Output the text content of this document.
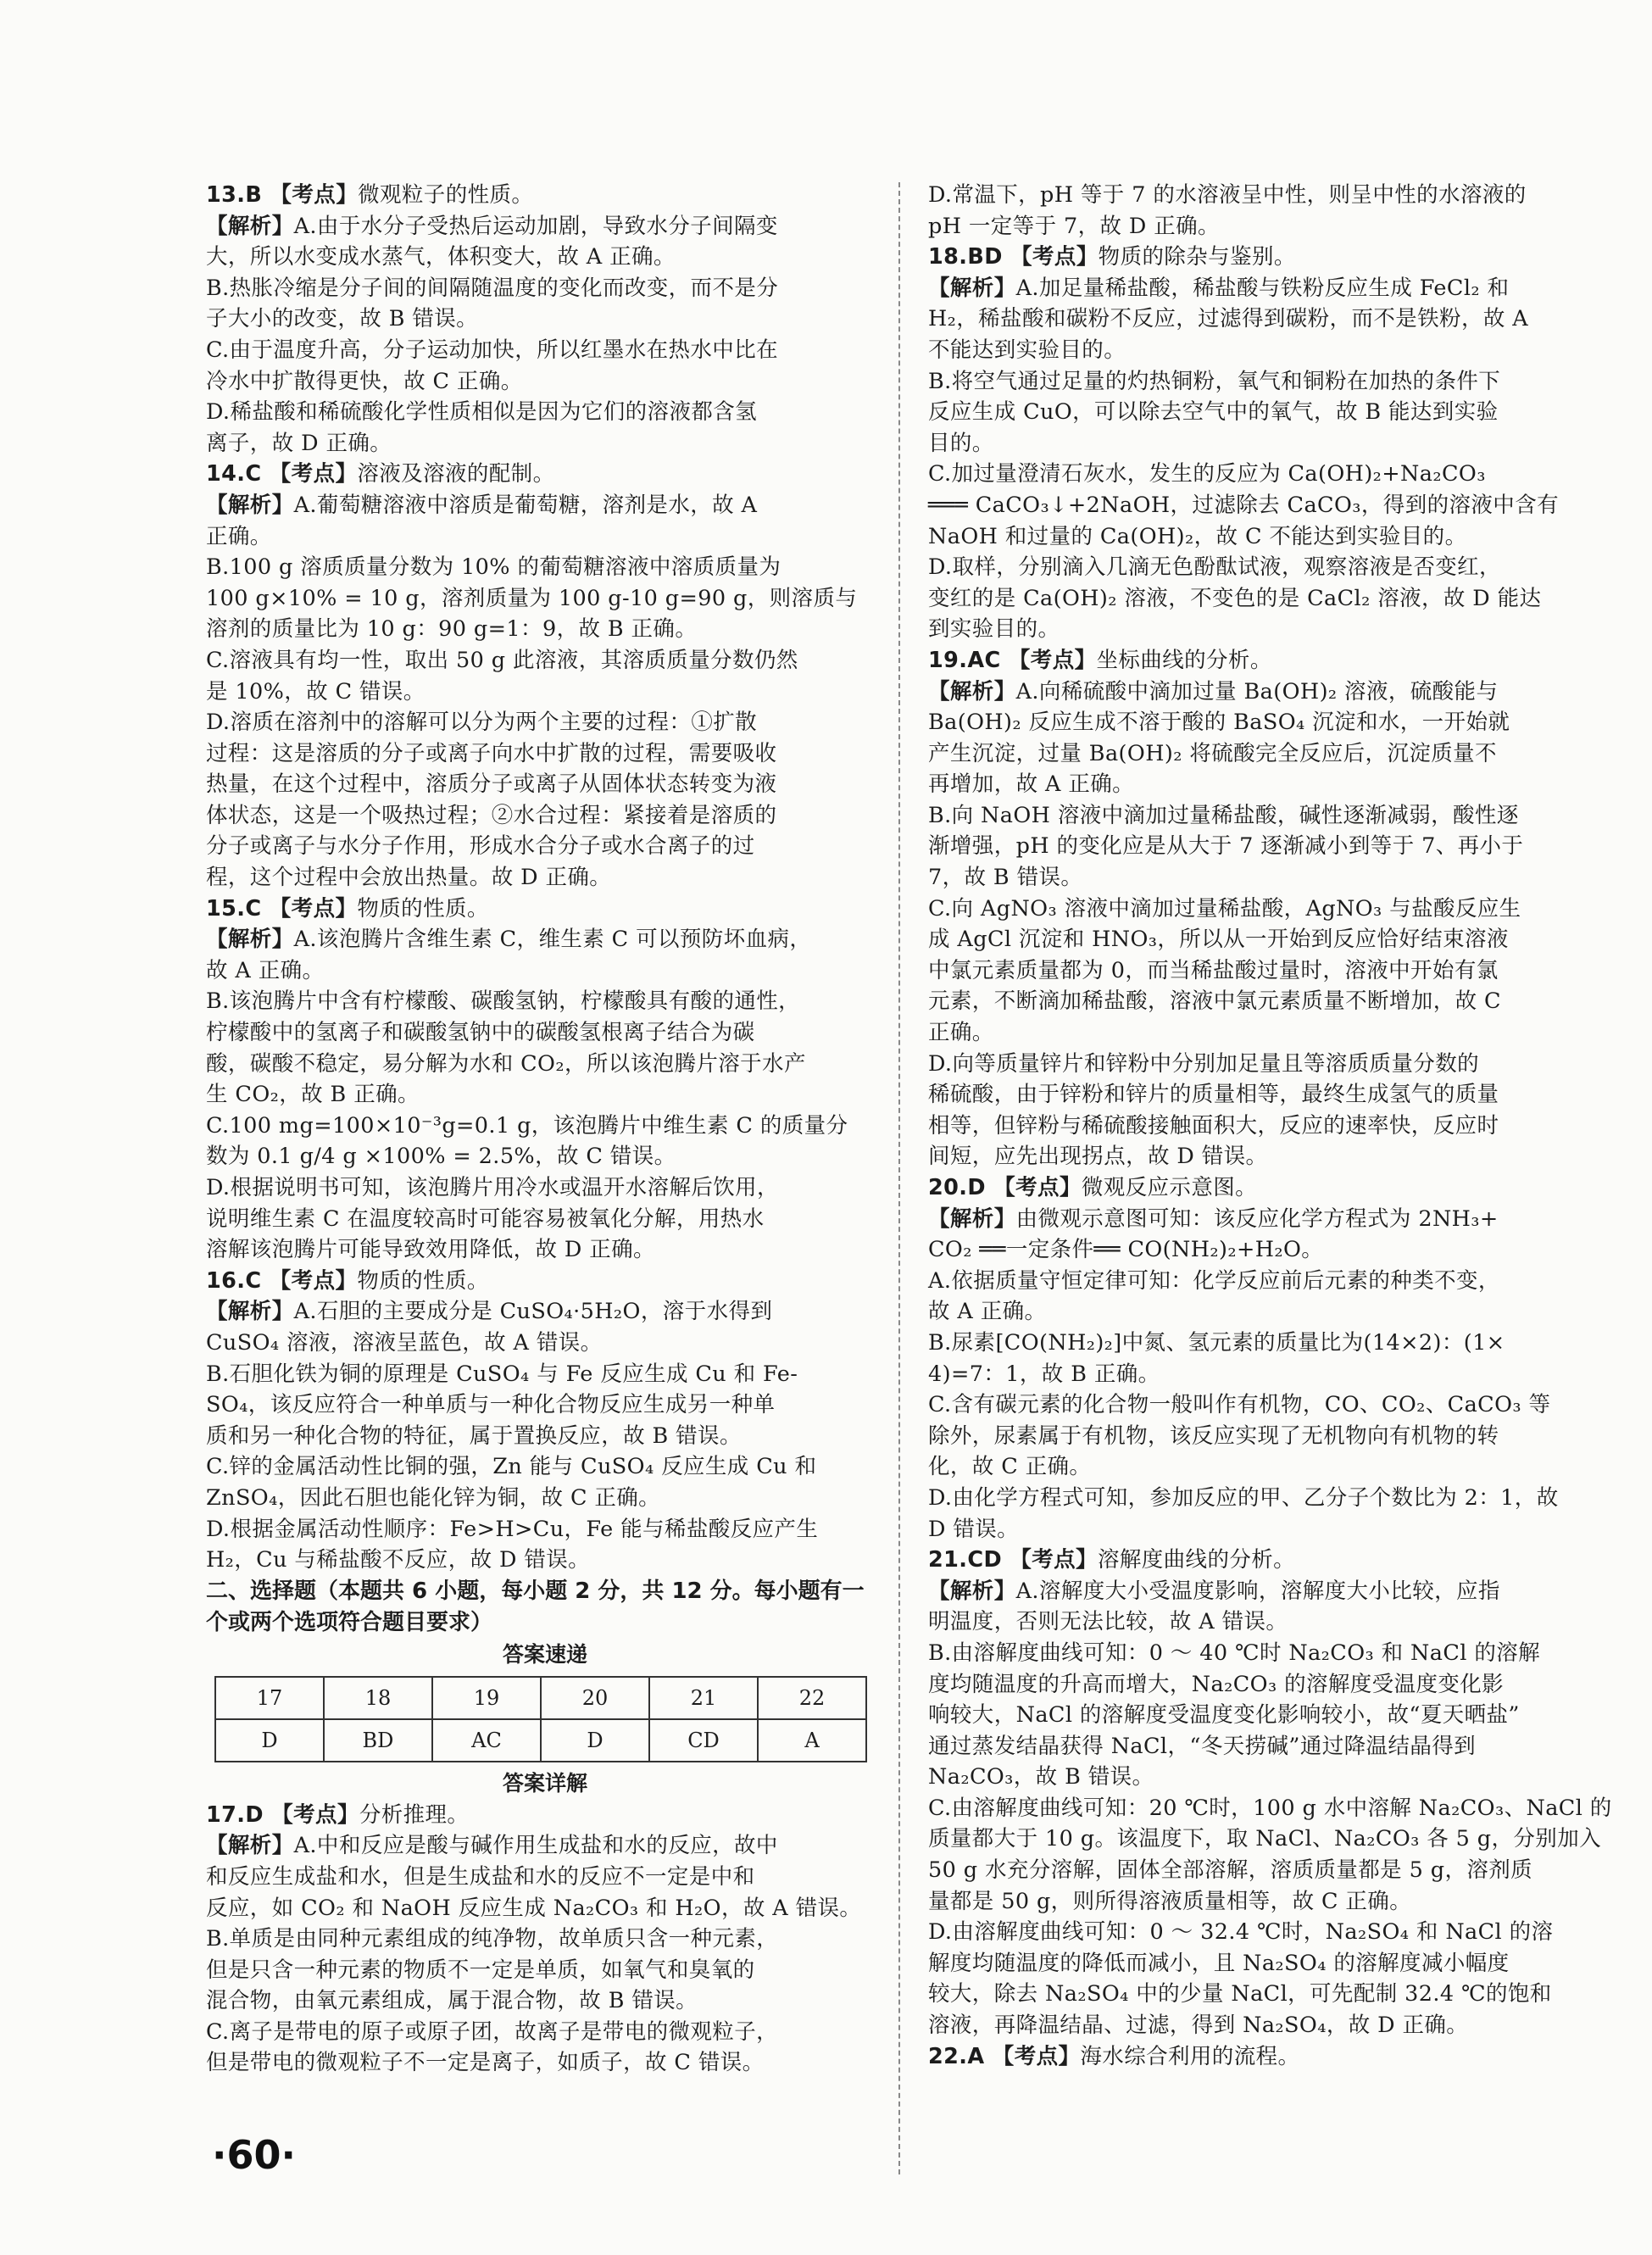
13.B 【考点】微观粒子的性质。
【解析】A.由于水分子受热后运动加剧，导致水分子间隔变
大，所以水变成水蒸气，体积变大，故 A 正确。
B.热胀冷缩是分子间的间隔随温度的变化而改变，而不是分
子大小的改变，故 B 错误。
C.由于温度升高，分子运动加快，所以红墨水在热水中比在
冷水中扩散得更快，故 C 正确。
D.稀盐酸和稀硫酸化学性质相似是因为它们的溶液都含氢
离子，故 D 正确。
14.C 【考点】溶液及溶液的配制。
【解析】A.葡萄糖溶液中溶质是葡萄糖，溶剂是水，故 A
正确。
B.100 g 溶质质量分数为 10% 的葡萄糖溶液中溶质质量为
100 g×10% = 10 g，溶剂质量为 100 g-10 g=90 g，则溶质与
溶剂的质量比为 10 g：90 g=1：9，故 B 正确。
C.溶液具有均一性，取出 50 g 此溶液，其溶质质量分数仍然
是 10%，故 C 错误。
D.溶质在溶剂中的溶解可以分为两个主要的过程：①扩散
过程：这是溶质的分子或离子向水中扩散的过程，需要吸收
热量，在这个过程中，溶质分子或离子从固体状态转变为液
体状态，这是一个吸热过程；②水合过程：紧接着是溶质的
分子或离子与水分子作用，形成水合分子或水合离子的过
程，这个过程中会放出热量。故 D 正确。
15.C 【考点】物质的性质。
【解析】A.该泡腾片含维生素 C，维生素 C 可以预防坏血病，
故 A 正确。
B.该泡腾片中含有柠檬酸、碳酸氢钠，柠檬酸具有酸的通性，
柠檬酸中的氢离子和碳酸氢钠中的碳酸氢根离子结合为碳
酸，碳酸不稳定，易分解为水和 CO₂，所以该泡腾片溶于水产
生 CO₂，故 B 正确。
C.100 mg=100×10⁻³g=0.1 g，该泡腾片中维生素 C 的质量分
数为 0.1 g/4 g ×100% = 2.5%，故 C 错误。
D.根据说明书可知，该泡腾片用冷水或温开水溶解后饮用，
说明维生素 C 在温度较高时可能容易被氧化分解，用热水
溶解该泡腾片可能导致效用降低，故 D 正确。
16.C 【考点】物质的性质。
【解析】A.石胆的主要成分是 CuSO₄·5H₂O，溶于水得到
CuSO₄ 溶液，溶液呈蓝色，故 A 错误。
B.石胆化铁为铜的原理是 CuSO₄ 与 Fe 反应生成 Cu 和 Fe-
SO₄，该反应符合一种单质与一种化合物反应生成另一种单
质和另一种化合物的特征，属于置换反应，故 B 错误。
C.锌的金属活动性比铜的强，Zn 能与 CuSO₄ 反应生成 Cu 和
ZnSO₄，因此石胆也能化锌为铜，故 C 正确。
D.根据金属活动性顺序：Fe>H>Cu，Fe 能与稀盐酸反应产生
H₂，Cu 与稀盐酸不反应，故 D 错误。
二、选择题（本题共 6 小题，每小题 2 分，共 12 分。每小题有一
个或两个选项符合题目要求）
答案速递
17	18	19	20	21	22
D	BD	AC	D	CD	A
答案详解
17.D 【考点】分析推理。
【解析】A.中和反应是酸与碱作用生成盐和水的反应，故中
和反应生成盐和水，但是生成盐和水的反应不一定是中和
反应，如 CO₂ 和 NaOH 反应生成 Na₂CO₃ 和 H₂O，故 A 错误。
B.单质是由同种元素组成的纯净物，故单质只含一种元素，
但是只含一种元素的物质不一定是单质，如氧气和臭氧的
混合物，由氧元素组成，属于混合物，故 B 错误。
C.离子是带电的原子或原子团，故离子是带电的微观粒子，
但是带电的微观粒子不一定是离子，如质子，故 C 错误。
D.常温下，pH 等于 7 的水溶液呈中性，则呈中性的水溶液的
pH 一定等于 7，故 D 正确。
18.BD 【考点】物质的除杂与鉴别。
【解析】A.加足量稀盐酸，稀盐酸与铁粉反应生成 FeCl₂ 和
H₂，稀盐酸和碳粉不反应，过滤得到碳粉，而不是铁粉，故 A
不能达到实验目的。
B.将空气通过足量的灼热铜粉，氧气和铜粉在加热的条件下
反应生成 CuO，可以除去空气中的氧气，故 B 能达到实验
目的。
C.加过量澄清石灰水，发生的反应为 Ca(OH)₂+Na₂CO₃
═══ CaCO₃↓+2NaOH，过滤除去 CaCO₃，得到的溶液中含有
NaOH 和过量的 Ca(OH)₂，故 C 不能达到实验目的。
D.取样，分别滴入几滴无色酚酞试液，观察溶液是否变红，
变红的是 Ca(OH)₂ 溶液，不变色的是 CaCl₂ 溶液，故 D 能达
到实验目的。
19.AC 【考点】坐标曲线的分析。
【解析】A.向稀硫酸中滴加过量 Ba(OH)₂ 溶液，硫酸能与
Ba(OH)₂ 反应生成不溶于酸的 BaSO₄ 沉淀和水，一开始就
产生沉淀，过量 Ba(OH)₂ 将硫酸完全反应后，沉淀质量不
再增加，故 A 正确。
B.向 NaOH 溶液中滴加过量稀盐酸，碱性逐渐减弱，酸性逐
渐增强，pH 的变化应是从大于 7 逐渐减小到等于 7、再小于
7，故 B 错误。
C.向 AgNO₃ 溶液中滴加过量稀盐酸，AgNO₃ 与盐酸反应生
成 AgCl 沉淀和 HNO₃，所以从一开始到反应恰好结束溶液
中氯元素质量都为 0，而当稀盐酸过量时，溶液中开始有氯
元素，不断滴加稀盐酸，溶液中氯元素质量不断增加，故 C
正确。
D.向等质量锌片和锌粉中分别加足量且等溶质质量分数的
稀硫酸，由于锌粉和锌片的质量相等，最终生成氢气的质量
相等，但锌粉与稀硫酸接触面积大，反应的速率快，反应时
间短，应先出现拐点，故 D 错误。
20.D 【考点】微观反应示意图。
【解析】由微观示意图可知：该反应化学方程式为 2NH₃+
CO₂ ══一定条件══ CO(NH₂)₂+H₂O。
A.依据质量守恒定律可知：化学反应前后元素的种类不变，
故 A 正确。
B.尿素[CO(NH₂)₂]中氮、氢元素的质量比为(14×2)：(1×
4)=7：1，故 B 正确。
C.含有碳元素的化合物一般叫作有机物，CO、CO₂、CaCO₃ 等
除外，尿素属于有机物，该反应实现了无机物向有机物的转
化，故 C 正确。
D.由化学方程式可知，参加反应的甲、乙分子个数比为 2：1，故
D 错误。
21.CD 【考点】溶解度曲线的分析。
【解析】A.溶解度大小受温度影响，溶解度大小比较，应指
明温度，否则无法比较，故 A 错误。
B.由溶解度曲线可知：0 ～ 40 ℃时 Na₂CO₃ 和 NaCl 的溶解
度均随温度的升高而增大，Na₂CO₃ 的溶解度受温度变化影
响较大，NaCl 的溶解度受温度变化影响较小，故“夏天晒盐”
通过蒸发结晶获得 NaCl，“冬天捞碱”通过降温结晶得到
Na₂CO₃，故 B 错误。
C.由溶解度曲线可知：20 ℃时，100 g 水中溶解 Na₂CO₃、NaCl 的
质量都大于 10 g。该温度下，取 NaCl、Na₂CO₃ 各 5 g，分别加入
50 g 水充分溶解，固体全部溶解，溶质质量都是 5 g，溶剂质
量都是 50 g，则所得溶液质量相等，故 C 正确。
D.由溶解度曲线可知：0 ～ 32.4 ℃时，Na₂SO₄ 和 NaCl 的溶
解度均随温度的降低而减小，且 Na₂SO₄ 的溶解度减小幅度
较大，除去 Na₂SO₄ 中的少量 NaCl，可先配制 32.4 ℃的饱和
溶液，再降温结晶、过滤，得到 Na₂SO₄，故 D 正确。
22.A 【考点】海水综合利用的流程。
·60·
